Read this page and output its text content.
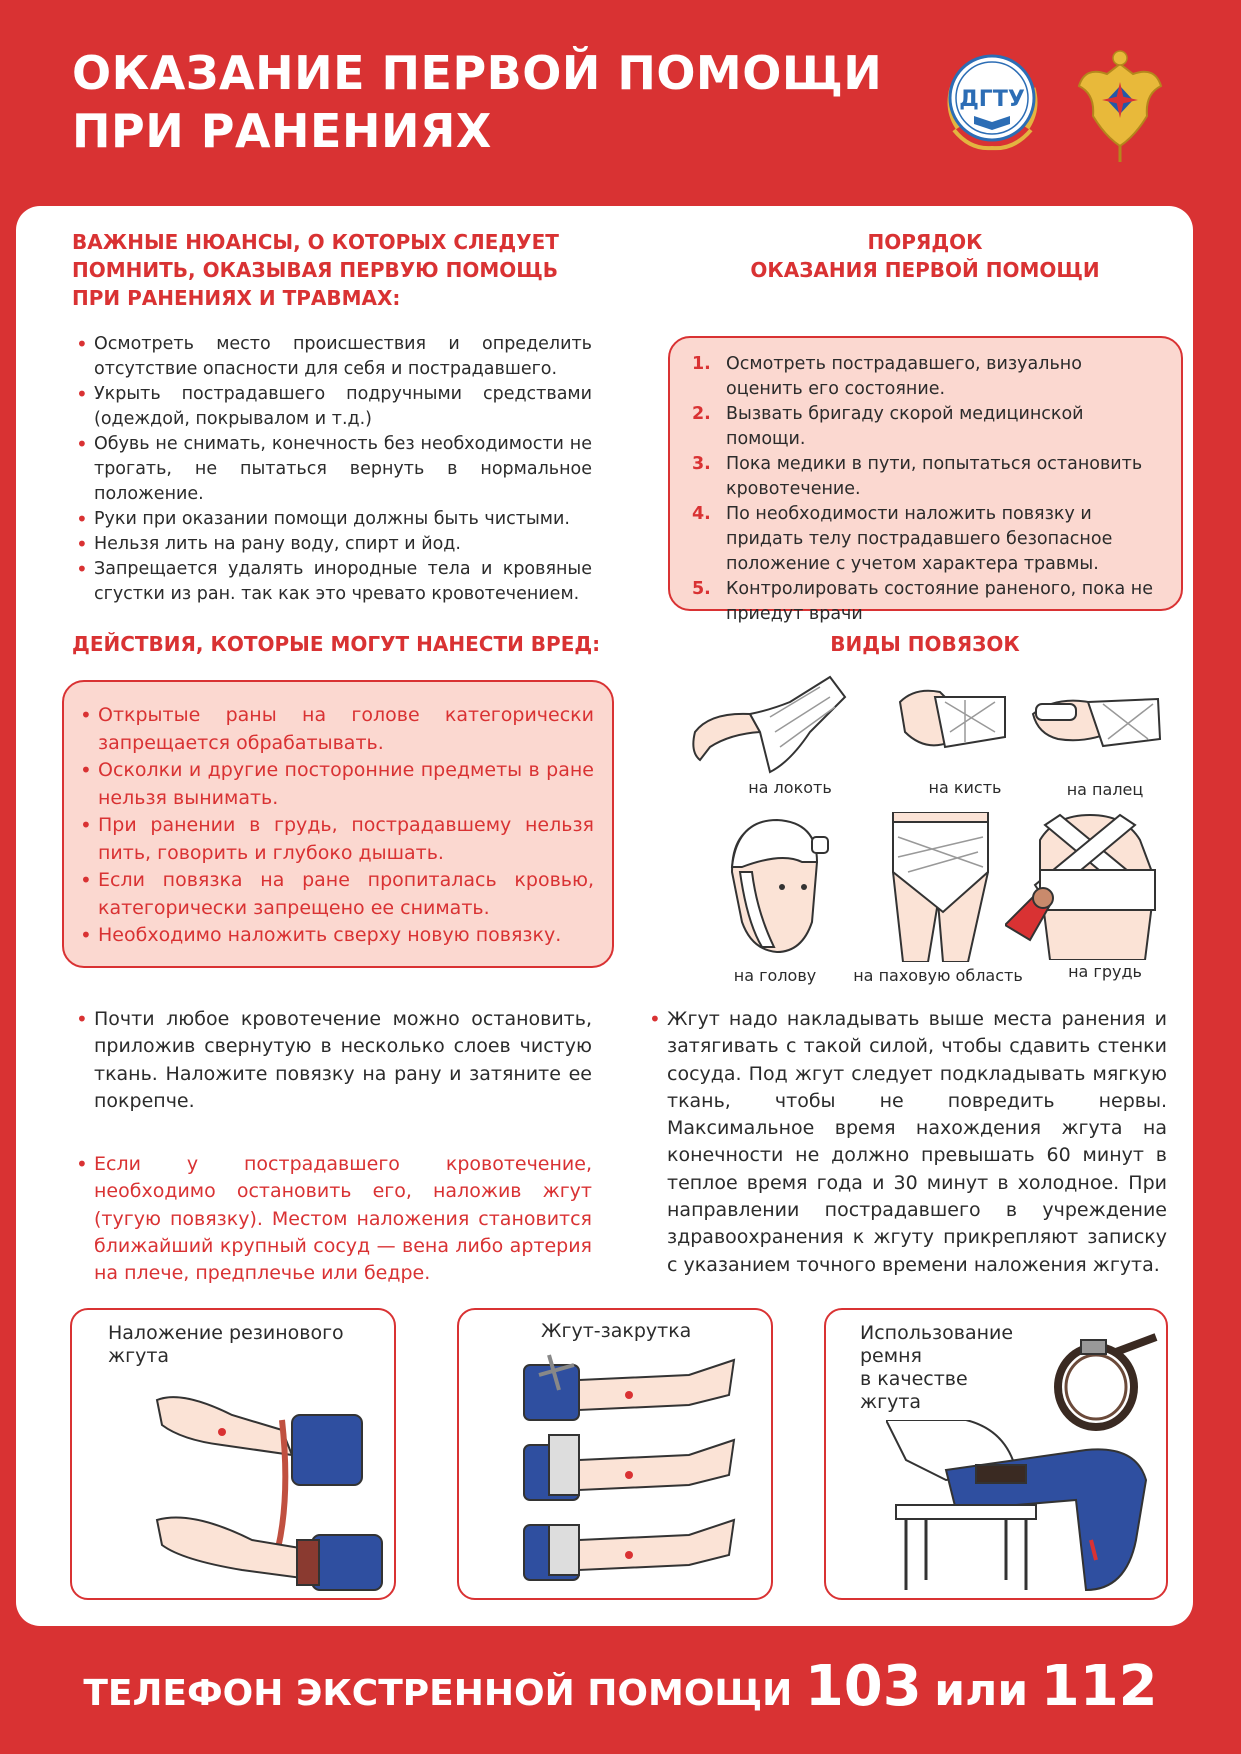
ОКАЗАНИЕ ПЕРВОЙ ПОМОЩИ
ПРИ РАНЕНИЯХ
ДГТУ
ВАЖНЫЕ НЮАНСЫ, О КОТОРЫХ СЛЕДУЕТ
ПОМНИТЬ, ОКАЗЫВАЯ ПЕРВУЮ ПОМОЩЬ
ПРИ РАНЕНИЯХ И ТРАВМАХ:
• Осмотреть место происшествия и определить отсутствие опасности для себя и пострадавшего.
• Укрыть пострадавшего подручными средствами (одеждой, покрывалом и т.д.)
• Обувь не снимать, конечность без необходимости не трогать, не пытаться вернуть в нормальное положение.
• Руки при оказании помощи должны быть чистыми.
• Нельзя лить на рану воду, спирт и йод.
• Запрещается удалять инородные тела и кровяные сгустки из ран. так как это чревато кровотечением.
ПОРЯДОК
ОКАЗАНИЯ ПЕРВОЙ ПОМОЩИ
1. Осмотреть пострадавшего, визуально оценить его состояние.
2. Вызвать бригаду скорой медицинской помощи.
3. Пока медики в пути, попытаться остановить кровотечение.
4. По необходимости наложить повязку и придать телу пострадавшего безопасное положение с учетом характера травмы.
5. Контролировать состояние раненого, пока не приедут врачи
ДЕЙСТВИЯ, КОТОРЫЕ МОГУТ НАНЕСТИ ВРЕД:
• Открытые раны на голове категорически запрещается обрабатывать.
• Осколки и другие посторонние предметы в ране нельзя вынимать.
• При ранении в грудь, пострадавшему нельзя пить, говорить и глубоко дышать.
• Если повязка на ране пропиталась кровью, категорически запрещено ее снимать.
• Необходимо наложить сверху новую повязку.
ВИДЫ ПОВЯЗОК
на локоть	на кисть	на палец
на голову	на паховую область	на грудь
• Почти любое кровотечение можно остановить, приложив свернутую в несколько слоев чистую ткань. Наложите повязку на рану и затяните ее покрепче.
• Если у пострадавшего кровотечение, необходимо остановить его, наложив жгут (тугую повязку). Местом наложения становится ближайший крупный сосуд — вена либо артерия на плече, предплечье или бедре.
• Жгут надо накладывать выше места ранения и затягивать с такой силой, чтобы сдавить стенки сосуда. Под жгут следует подкладывать мягкую ткань, чтобы не повредить нервы. Максимальное время нахождения жгута на конечности не должно превышать 60 минут в теплое время года и 30 минут в холодное. При направлении пострадавшего в учреждение здравоохранения к жгуту прикрепляют записку с указанием точного времени наложения жгута.
Наложение резинового
жгута
Жгут-закрутка	Использование
ремня
в качестве
жгута
ТЕЛЕФОН ЭКСТРЕННОЙ ПОМОЩИ 103 или 112
